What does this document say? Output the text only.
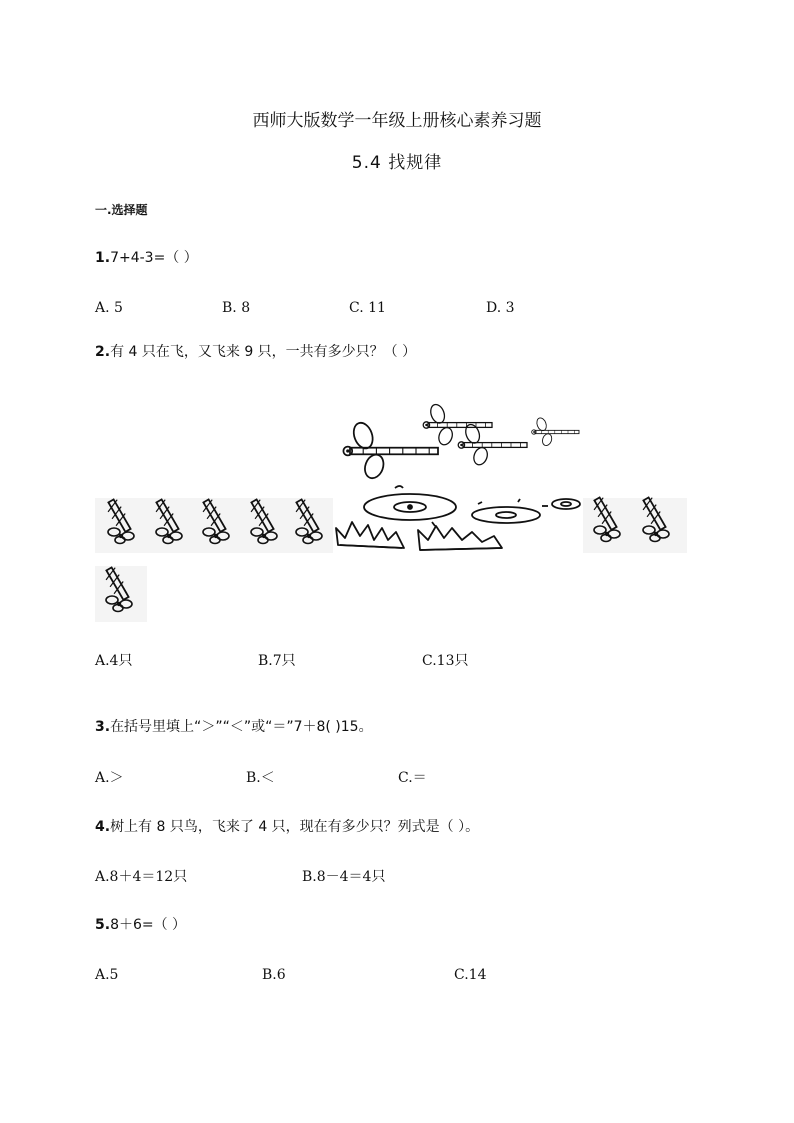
西师大版数学一年级上册核心素养习题
5.4 找规律
一.选择题
1.7+4-3=（ ）
A. 5	B. 8	C. 11	D. 3
2.有 4 只在飞，又飞来 9 只，一共有多少只？（ ）
A.4只	B.7只	C.13只
3.在括号里填上“＞”“＜”或“＝”7＋8( )15。
A.＞	B.＜	C.＝
4.树上有 8 只鸟，飞来了 4 只，现在有多少只？列式是（ ）。
A.8＋4＝12只	B.8－4＝4只
5.8＋6=（ ）
A.5	B.6	C.14
